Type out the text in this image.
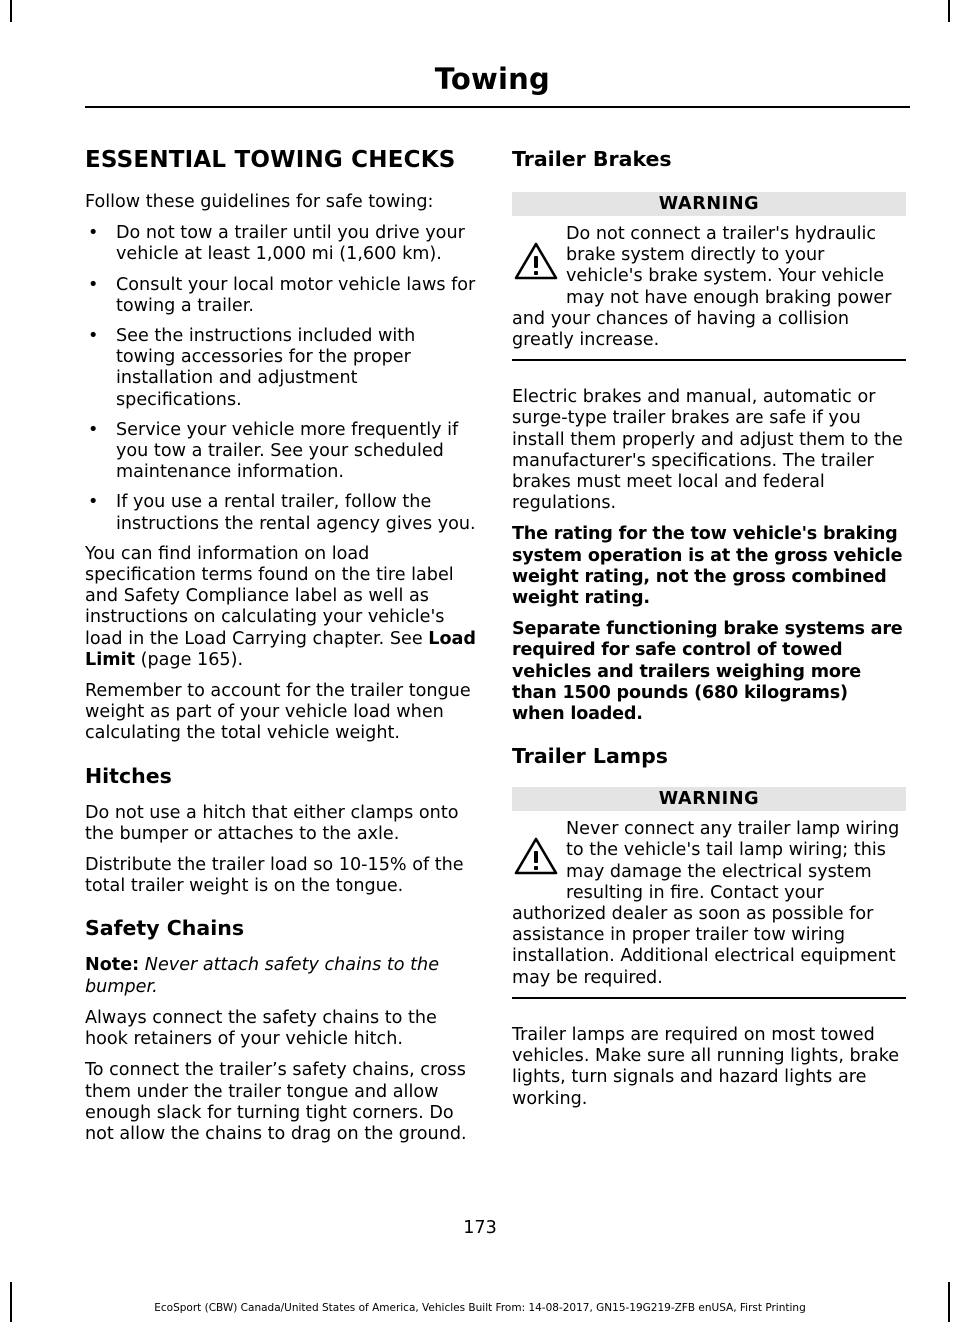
Towing
ESSENTIAL TOWING CHECKS

Follow these guidelines for safe towing:

• Do not tow a trailer until you drive your vehicle at least 1,000 mi (1,600 km).
• Consult your local motor vehicle laws for towing a trailer.
• See the instructions included with towing accessories for the proper installation and adjustment specifications.
• Service your vehicle more frequently if you tow a trailer. See your scheduled maintenance information.
• If you use a rental trailer, follow the instructions the rental agency gives you.

You can find information on load specification terms found on the tire label and Safety Compliance label as well as instructions on calculating your vehicle's load in the Load Carrying chapter. See Load Limit (page 165).

Remember to account for the trailer tongue weight as part of your vehicle load when calculating the total vehicle weight.

Hitches

Do not use a hitch that either clamps onto the bumper or attaches to the axle.

Distribute the trailer load so 10-15% of the total trailer weight is on the tongue.

Safety Chains

Note: Never attach safety chains to the bumper.

Always connect the safety chains to the hook retainers of your vehicle hitch.

To connect the trailer’s safety chains, cross them under the trailer tongue and allow enough slack for turning tight corners. Do not allow the chains to drag on the ground.

Trailer Brakes
WARNING
Do not connect a trailer's hydraulic brake system directly to your vehicle's brake system. Your vehicle may not have enough braking power and your chances of having a collision greatly increase.

Electric brakes and manual, automatic or surge-type trailer brakes are safe if you install them properly and adjust them to the manufacturer's specifications. The trailer brakes must meet local and federal regulations.

The rating for the tow vehicle's braking system operation is at the gross vehicle weight rating, not the gross combined weight rating.

Separate functioning brake systems are required for safe control of towed vehicles and trailers weighing more than 1500 pounds (680 kilograms) when loaded.

Trailer Lamps
WARNING
Never connect any trailer lamp wiring to the vehicle's tail lamp wiring; this may damage the electrical system resulting in fire. Contact your authorized dealer as soon as possible for assistance in proper trailer tow wiring installation. Additional electrical equipment may be required.

Trailer lamps are required on most towed vehicles. Make sure all running lights, brake lights, turn signals and hazard lights are working.

173
EcoSport (CBW) Canada/United States of America, Vehicles Built From: 14-08-2017, GN15-19G219-ZFB enUSA, First Printing
